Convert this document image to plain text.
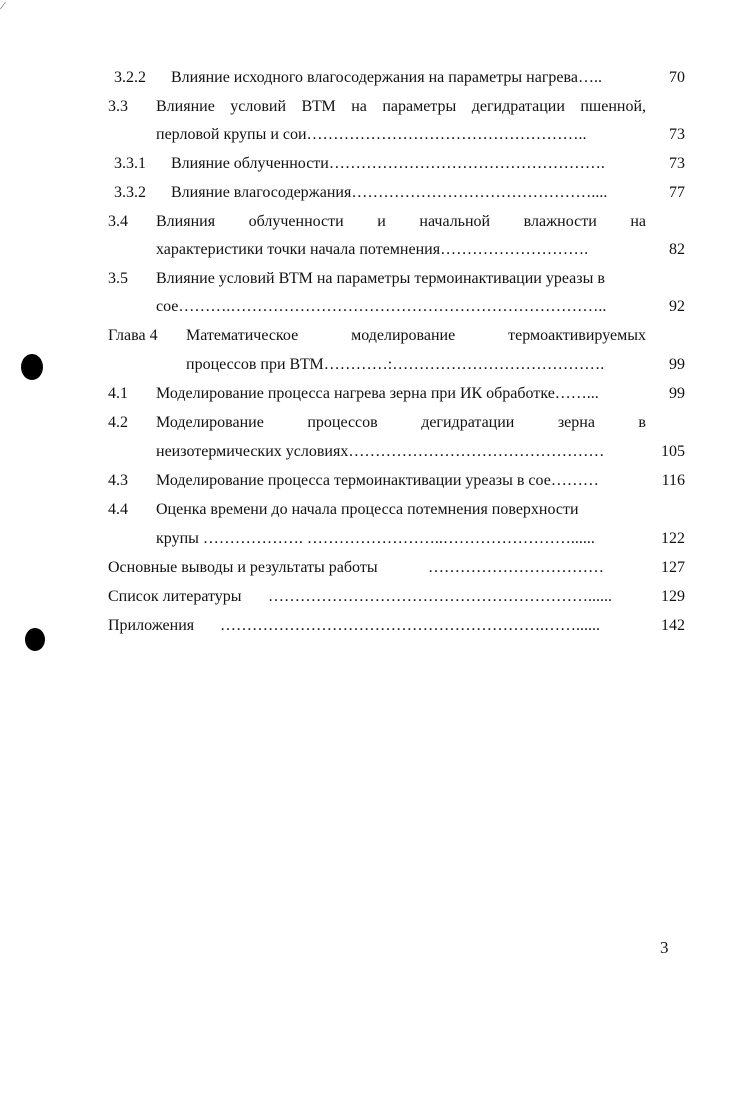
⁄
3.2.2 Влияние исходного влагосодержания на параметры нагрева…..	70
3.3 Влияние условий ВТМ на параметры дегидратации пшенной,
перловой крупы и сои……………………………………………..	73
3.3.1 Влияние облученности…………………………………………….	73
3.3.2 Влияние влагосодержания………………………………………....	77
3.4 Влияния облученности и начальной влажности на
характеристики точки начала потемнения……………………….	82
3.5 Влияние условий ВТМ на параметры термоинактивации уреазы в
сое……….……………………………………………………………..	92
Глава 4 Математическое	моделирование	термоактивируемых
процессов при ВТМ…………:………………………………….	99
4.1 Моделирование процесса нагрева зерна при ИК обработке……...	99
4.2 Моделирование	процессов	дегидратации	зерна	в
неизотермических условиях…………………………………………	105
4.3 Моделирование процесса термоинактивации уреазы в сое………	116
4.4 Оценка времени до начала процесса потемнения поверхности
крупы ………………. ……………………..……………………......	122
Основные выводы и результаты работы	……………………………	127
Список литературы ……………………………………………………......	129
Приложения …………………………………………………….……......	142
3
